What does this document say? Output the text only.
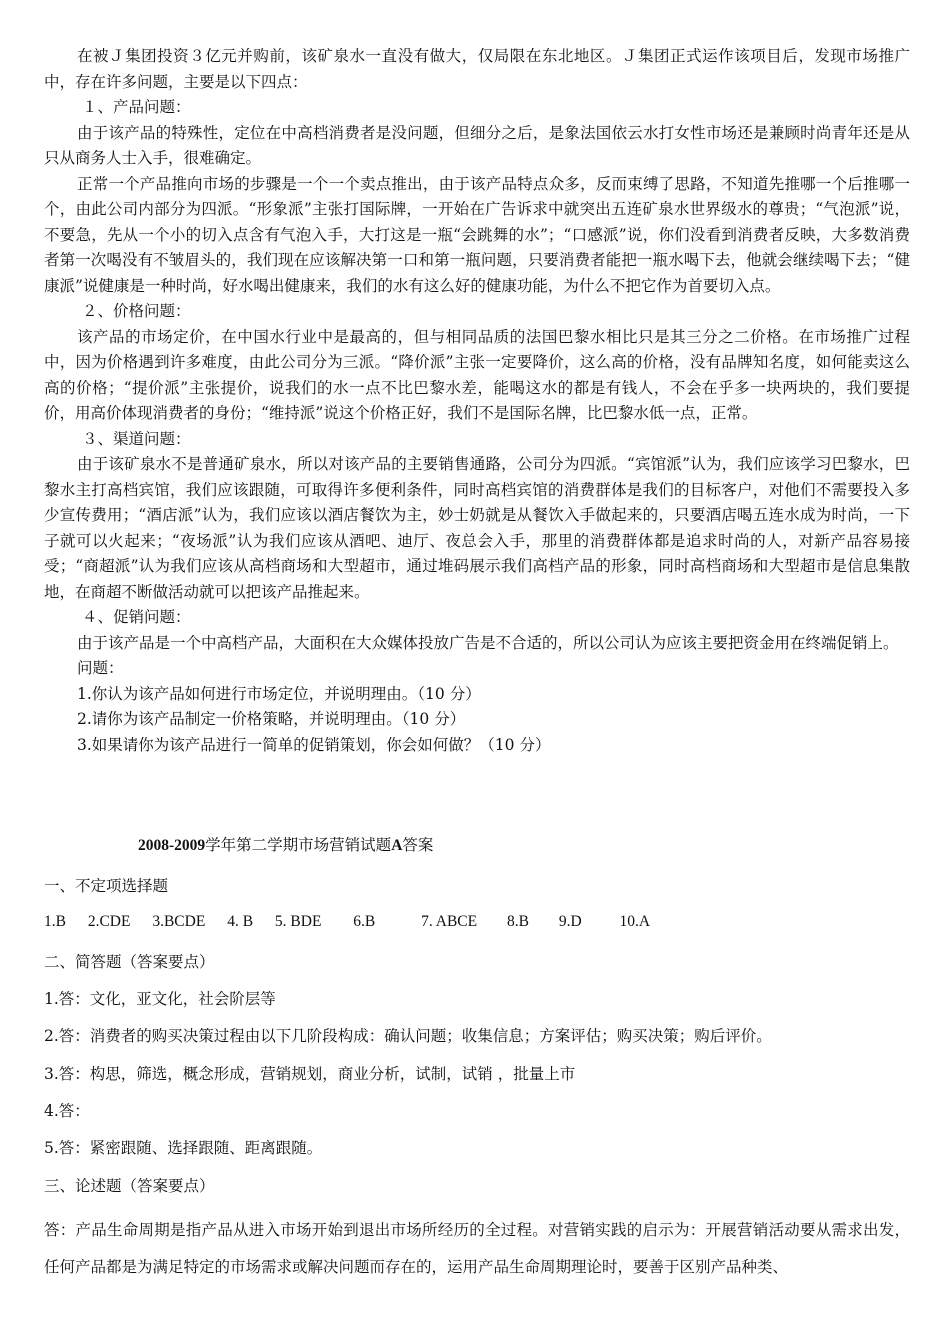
在被Ｊ集团投资３亿元并购前，该矿泉水一直没有做大，仅局限在东北地区。Ｊ集团正式运作该项目后，发现市场推广中，存在许多问题，主要是以下四点：

１、产品问题：

由于该产品的特殊性，定位在中高档消费者是没问题，但细分之后，是象法国依云水打女性市场还是兼顾时尚青年还是从只从商务人士入手，很难确定。

正常一个产品推向市场的步骤是一个一个卖点推出，由于该产品特点众多，反而束缚了思路，不知道先推哪一个后推哪一个，由此公司内部分为四派。“形象派”主张打国际牌，一开始在广告诉求中就突出五连矿泉水世界级水的尊贵；“气泡派”说，不要急，先从一个小的切入点含有气泡入手，大打这是一瓶“会跳舞的水”；“口感派”说，你们没看到消费者反映，大多数消费者第一次喝没有不皱眉头的，我们现在应该解决第一口和第一瓶问题，只要消费者能把一瓶水喝下去，他就会继续喝下去；“健康派”说健康是一种时尚，好水喝出健康来，我们的水有这么好的健康功能，为什么不把它作为首要切入点。

２、价格问题：

该产品的市场定价，在中国水行业中是最高的，但与相同品质的法国巴黎水相比只是其三分之二价格。在市场推广过程中，因为价格遇到许多难度，由此公司分为三派。“降价派”主张一定要降价，这么高的价格，没有品牌知名度，如何能卖这么高的价格；“提价派”主张提价，说我们的水一点不比巴黎水差，能喝这水的都是有钱人，不会在乎多一块两块的，我们要提价，用高价体现消费者的身份；“维持派”说这个价格正好，我们不是国际名牌，比巴黎水低一点，正常。

３、渠道问题：

由于该矿泉水不是普通矿泉水，所以对该产品的主要销售通路，公司分为四派。“宾馆派”认为，我们应该学习巴黎水，巴黎水主打高档宾馆，我们应该跟随，可取得许多便利条件，同时高档宾馆的消费群体是我们的目标客户，对他们不需要投入多少宣传费用；“酒店派”认为，我们应该以酒店餐饮为主，妙士奶就是从餐饮入手做起来的，只要酒店喝五连水成为时尚，一下子就可以火起来；“夜场派”认为我们应该从酒吧、迪厅、夜总会入手，那里的消费群体都是追求时尚的人，对新产品容易接受；“商超派”认为我们应该从高档商场和大型超市，通过堆码展示我们高档产品的形象，同时高档商场和大型超市是信息集散地，在商超不断做活动就可以把该产品推起来。

４、促销问题：

由于该产品是一个中高档产品，大面积在大众媒体投放广告是不合适的，所以公司认为应该主要把资金用在终端促销上。

问题：

1.你认为该产品如何进行市场定位，并说明理由。（10 分）

2.请你为该产品制定一价格策略，并说明理由。（10 分）

3.如果请你为该产品进行一简单的促销策划，你会如何做？（10 分）

2008-2009学年第二学期市场营销试题A答案

一、不定项选择题

1.B 2.CDE 3.BCDE 4. B 5. BDE 6.B	7. ABCE 8.B 9.D 10.A

二、简答题（答案要点）

1.答：文化，亚文化，社会阶层等

2.答：消费者的购买决策过程由以下几阶段构成：确认问题；收集信息；方案评估；购买决策；购后评价。

3.答：构思，筛选，概念形成，营销规划，商业分析，试制，试销 ，批量上市

4.答：

5.答：紧密跟随、选择跟随、距离跟随。

三、论述题（答案要点）

答：产品生命周期是指产品从进入市场开始到退出市场所经历的全过程。对营销实践的启示为：开展营销活动要从需求出发，任何产品都是为满足特定的市场需求或解决问题而存在的，运用产品生命周期理论时，要善于区别产品种类、
